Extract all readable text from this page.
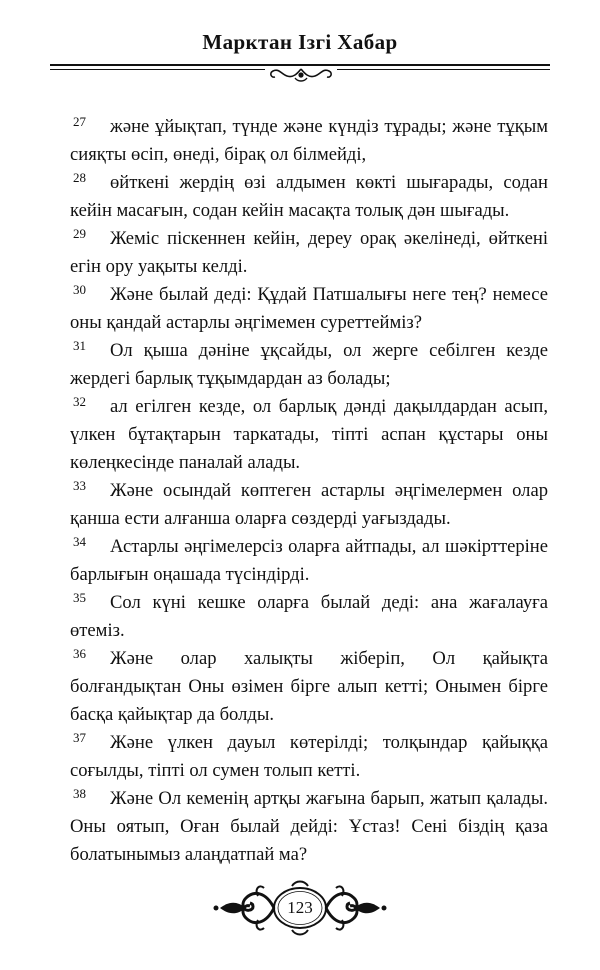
Марктан Ізгі Хабар

27 және ұйықтап, түнде және күндіз тұрады; және тұқым сияқты өсіп, өнеді, бірақ ол білмейді,

28 өйткені жердің өзі алдымен көкті шығарады, содан кейін масағын, содан кейін масақта толық дән шығады.

29 Жеміс піскеннен кейін, дереу орақ әкелінеді, өйткені егін ору уақыты келді.

30 Және былай деді: Құдай Патшалығы неге тең? немесе оны қандай астарлы әңгімемен суреттейміз?

31 Ол қыша дәніне ұқсайды, ол жерге себілген кезде жердегі барлық тұқымдардан аз болады;

32 ал егілген кезде, ол барлық дәнді дақылдардан асып, үлкен бұтақтарын таркатады, тіпті аспан құстары оны көлеңкесінде паналай алады.

33 Және осындай көптеген астарлы әңгімелермен олар қанша ести алғанша оларға сөздерді уағыздады.

34 Астарлы әңгімелерсіз оларға айтпады, ал шәкірттеріне барлығын оңашада түсіндірді.

35 Сол күні кешке оларға былай деді: ана жағалауға өтеміз.

36 Және олар халықты жіберіп, Ол қайықта болғандықтан Оны өзімен бірге алып кетті; Онымен бірге басқа қайықтар да болды.

37 Және үлкен дауыл көтерілді; толқындар қайыққа соғылды, тіпті ол сумен толып кетті.

38 Және Ол кеменің артқы жағына барып, жатып қалады. Оны оятып, Оған былай дейді: Ұстаз! Сені біздің қаза болатынымыз алаңдатпай ма?

123
